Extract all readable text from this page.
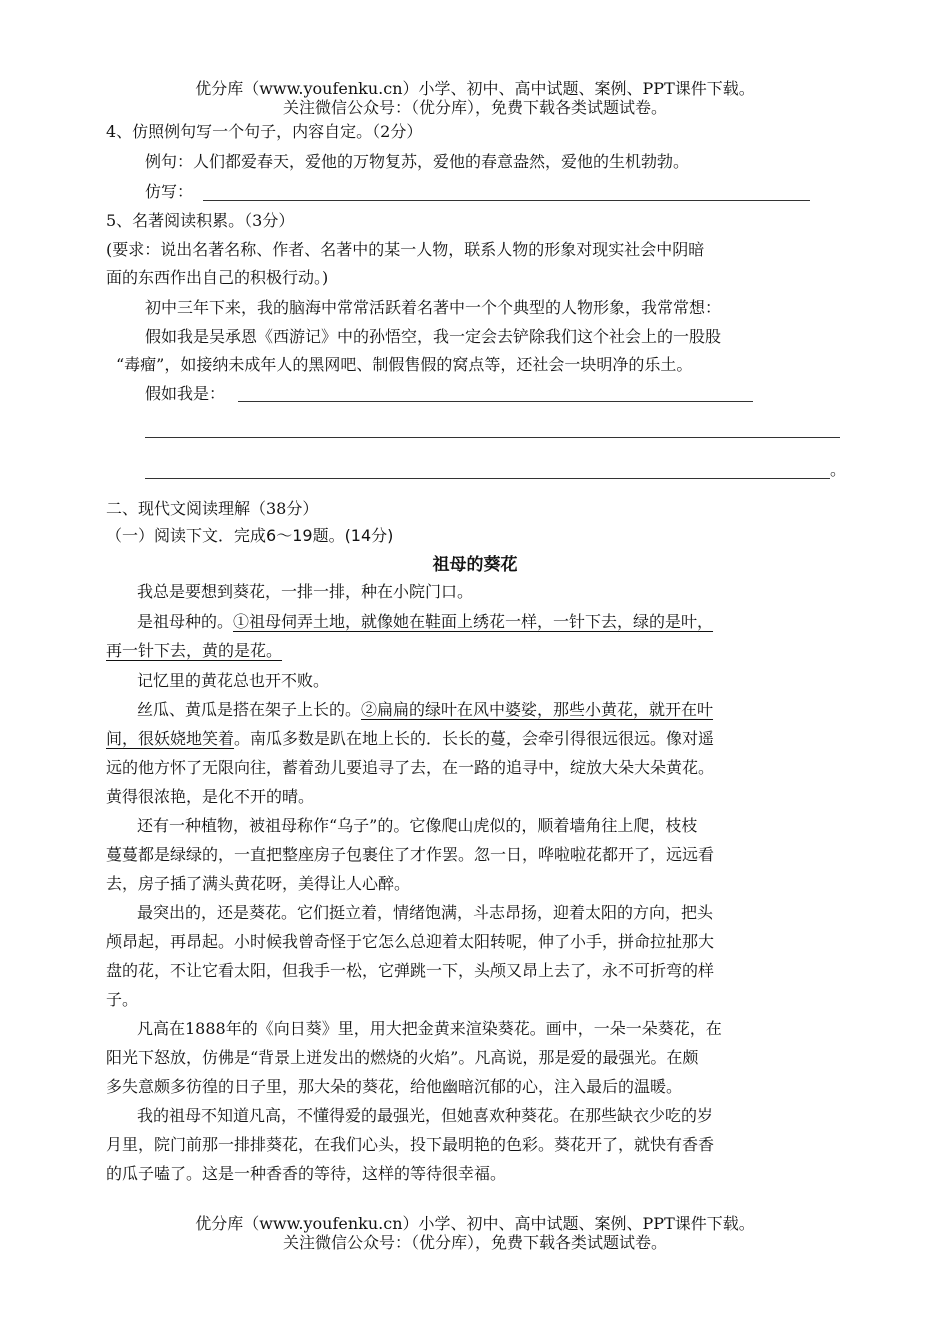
优分库（www.youfenku.cn）小学、初中、高中试题、案例、PPT课件下载。
关注微信公众号：（优分库），免费下载各类试题试卷。
4、仿照例句写一个句子，内容自定。（2分）
例句：人们都爱春天，爱他的万物复苏，爱他的春意盎然，爱他的生机勃勃。
仿写：
5、名著阅读积累。（3分）
(要求：说出名著名称、作者、名著中的某一人物，联系人物的形象对现实社会中阴暗
面的东西作出自己的积极行动。)
初中三年下来，我的脑海中常常活跃着名著中一个个典型的人物形象，我常常想：
假如我是吴承恩《西游记》中的孙悟空，我一定会去铲除我们这个社会上的一股股
“毒瘤”，如接纳未成年人的黑网吧、制假售假的窝点等，还社会一块明净的乐土。
假如我是：
。
二、现代文阅读理解（38分）
（一）阅读下文．完成6～19题。(14分)
祖母的葵花
我总是要想到葵花，一排一排，种在小院门口。
是祖母种的。①祖母伺弄土地，就像她在鞋面上绣花一样，一针下去，绿的是叶，
再一针下去，黄的是花。
记忆里的黄花总也开不败。
丝瓜、黄瓜是搭在架子上长的。②扁扁的绿叶在风中婆娑，那些小黄花，就开在叶
间，很妖娆地笑着。南瓜多数是趴在地上长的．长长的蔓，会牵引得很远很远。像对遥
远的他方怀了无限向往，蓄着劲儿要追寻了去，在一路的追寻中，绽放大朵大朵黄花。
黄得很浓艳，是化不开的晴。
还有一种植物，被祖母称作“乌子”的。它像爬山虎似的，顺着墙角往上爬，枝枝
蔓蔓都是绿绿的，一直把整座房子包裹住了才作罢。忽一日，哗啦啦花都开了，远远看
去，房子插了满头黄花呀，美得让人心醉。
最突出的，还是葵花。它们挺立着，情绪饱满，斗志昂扬，迎着太阳的方向，把头
颅昂起，再昂起。小时候我曾奇怪于它怎么总迎着太阳转呢，伸了小手，拼命拉扯那大
盘的花，不让它看太阳，但我手一松，它弹跳一下，头颅又昂上去了，永不可折弯的样
子。
凡高在1888年的《向日葵》里，用大把金黄来渲染葵花。画中，一朵一朵葵花，在
阳光下怒放，仿佛是“背景上迸发出的燃烧的火焰”。凡高说，那是爱的最强光。在颇
多失意颇多彷徨的日子里，那大朵的葵花，给他幽暗沉郁的心，注入最后的温暖。
我的祖母不知道凡高，不懂得爱的最强光，但她喜欢种葵花。在那些缺衣少吃的岁
月里，院门前那一排排葵花，在我们心头，投下最明艳的色彩。葵花开了，就快有香香
的瓜子嗑了。这是一种香香的等待，这样的等待很幸福。
优分库（www.youfenku.cn）小学、初中、高中试题、案例、PPT课件下载。
关注微信公众号：（优分库），免费下载各类试题试卷。
